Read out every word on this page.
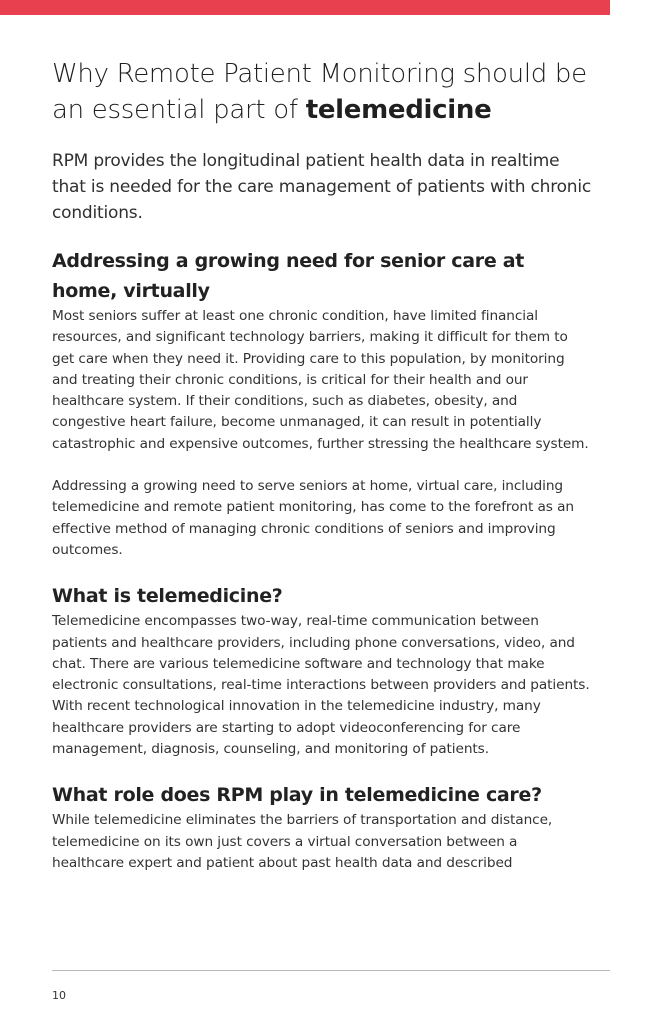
Why Remote Patient Monitoring should be an essential part of telemedicine

RPM provides the longitudinal patient health data in realtime that is needed for the care management of patients with chronic conditions.

Addressing a growing need for senior care at home, virtually

Most seniors suffer at least one chronic condition, have limited financial resources, and significant technology barriers, making it difficult for them to get care when they need it. Providing care to this population, by monitoring and treating their chronic conditions, is critical for their health and our healthcare system. If their conditions, such as diabetes, obesity, and congestive heart failure, become unmanaged, it can result in potentially catastrophic and expensive outcomes, further stressing the healthcare system.

Addressing a growing need to serve seniors at home, virtual care, including telemedicine and remote patient monitoring, has come to the forefront as an effective method of managing chronic conditions of seniors and improving outcomes.

What is telemedicine?

Telemedicine encompasses two-way, real-time communication between patients and healthcare providers, including phone conversations, video, and chat. There are various telemedicine software and technology that make electronic consultations, real-time interactions between providers and patients. With recent technological innovation in the telemedicine industry, many healthcare providers are starting to adopt videoconferencing for care management, diagnosis, counseling, and monitoring of patients.

What role does RPM play in telemedicine care?

While telemedicine eliminates the barriers of transportation and distance, telemedicine on its own just covers a virtual conversation between a healthcare expert and patient about past health data and described

10
